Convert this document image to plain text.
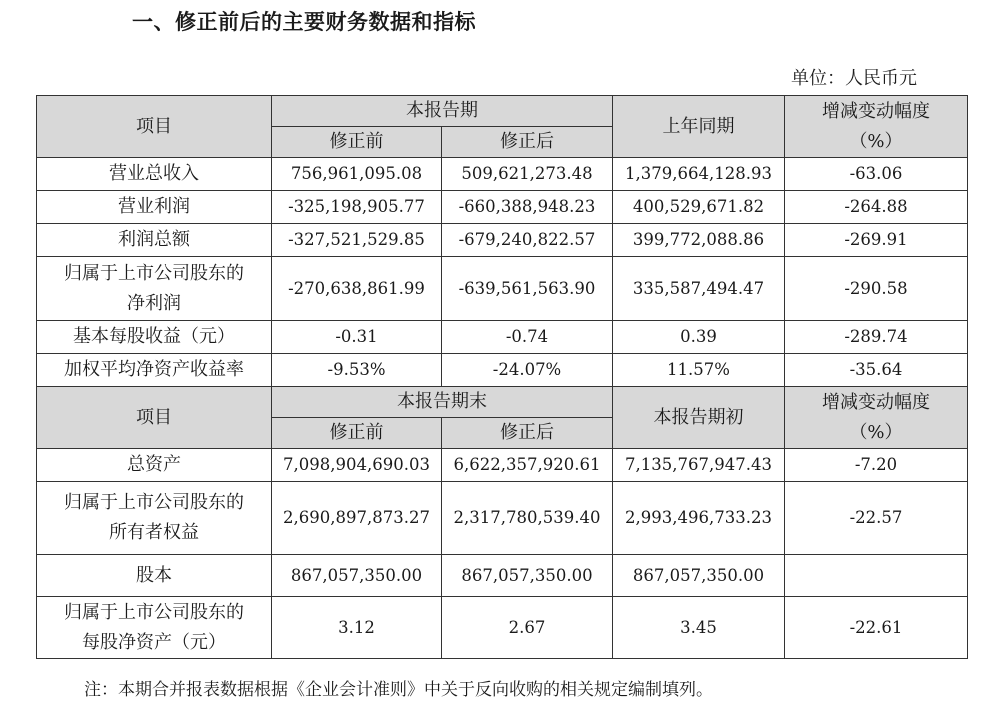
一、修正前后的主要财务数据和指标
单位：人民币元
项目	本报告期		上年同期	增减变动幅度
（%）

	修正前	修正后		
营业总收入	756,961,095.08	509,621,273.48	1,379,664,128.93	-63.06
营业利润	-325,198,905.77	-660,388,948.23	400,529,671.82	-264.88
利润总额	-327,521,529.85	-679,240,822.57	399,772,088.86	-269.91

归属于上市公司股东的
净利润	-270,638,861.99	-639,561,563.90	335,587,494.47	-290.58
基本每股收益（元）	-0.31	-0.74	0.39	-289.74
加权平均净资产收益率	-9.53%	-24.07%	11.57%	-35.64
项目	本报告期末		本报告期初	增减变动幅度
（%）

	修正前	修正后		
总资产	7,098,904,690.03	6,622,357,920.61	7,135,767,947.43	-7.20

归属于上市公司股东的
所有者权益	2,690,897,873.27	2,317,780,539.40	2,993,496,733.23	-22.57
股本	867,057,350.00	867,057,350.00	867,057,350.00	

归属于上市公司股东的
每股净资产（元）	3.12	2.67	3.45	-22.61
注：本期合并报表数据根据《企业会计准则》中关于反向收购的相关规定编制填列。
